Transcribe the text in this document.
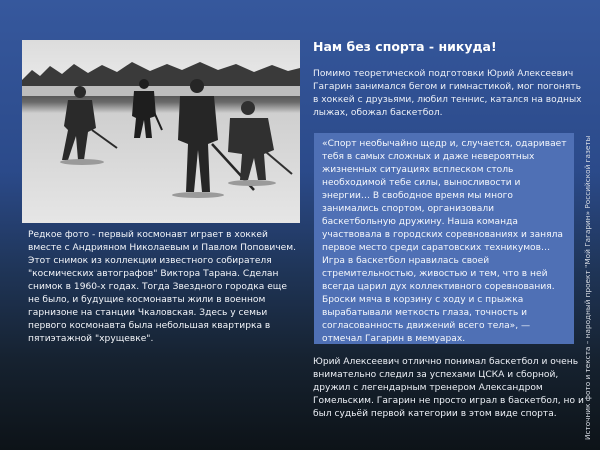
Редкое фото - первый космонавт играет в хоккей вместе с Андрияном Николаевым и Павлом Поповичем. Этот снимок из коллекции известного собирателя "космических автографов" Виктора Тарана. Сделан снимок в 1960-х годах. Тогда Звездного городка еще не было, и будущие космонавты жили в военном гарнизоне на станции Чкаловская. Здесь у семьи первого космонавта была небольшая квартирка в пятиэтажной "хрущевке".

Нам без спорта - никуда!

Помимо теоретической подготовки Юрий Алексеевич Гагарин занимался бегом и гимнастикой, мог погонять в хоккей с друзьями, любил теннис, катался на водных лыжах, обожал баскетбол.

«Спорт необычайно щедр и, случается, одаривает тебя в самых сложных и даже невероятных жизненных ситуациях всплеском столь необходимой тебе силы, выносливости и энергии… В свободное время мы много занимались спортом, организовали баскетбольную дружину. Наша команда участвовала в городских соревнованиях и заняла первое место среди саратовских техникумов… Игра в баскетбол нравилась своей стремительностью, живостью и тем, что в ней всегда царил дух коллективного соревнования. Броски мяча в корзину с ходу и с прыжка вырабатывали меткость глаза, точность и согласованность движений всего тела», — отмечал Гагарин в мемуарах.

Юрий Алексеевич отлично понимал баскетбол и очень внимательно следил за успехами ЦСКА и сборной, дружил с легендарным тренером Александром Гомельским. Гагарин не просто играл в баскетбол, но и был судьёй первой категории в этом виде спорта.	Источник фото и текста – народный проект "Мой Гагарин» Российской газеты
